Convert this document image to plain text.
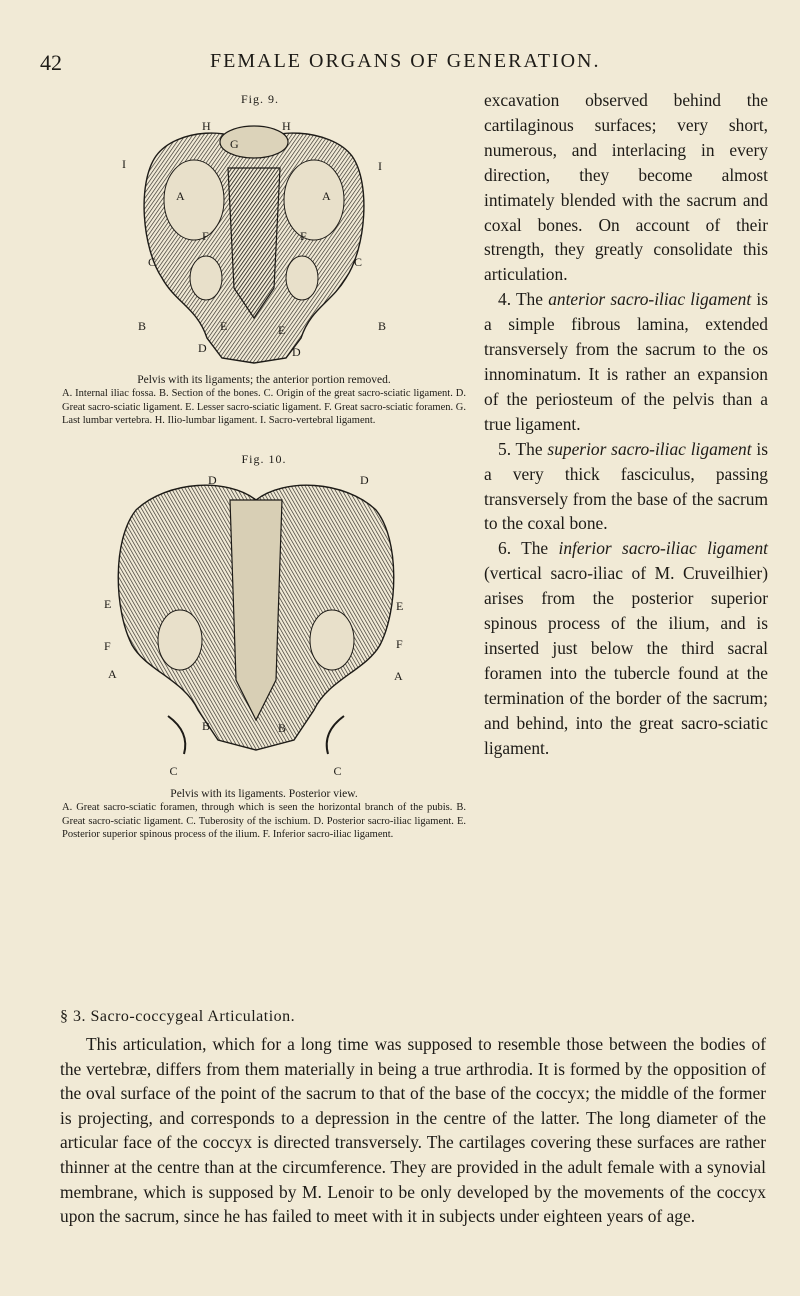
42	FEMALE ORGANS OF GENERATION.
Fig. 9.
H	H
G
I	I
A	A
F	F
C	C
B	B
E	E
D	D
Pelvis with its ligaments; the anterior portion removed.
A. Internal iliac fossa. B. Section of the bones. C. Origin of the great sacro-sciatic ligament. D. Great sacro-sciatic ligament. E. Lesser sacro-sciatic ligament. F. Great sacro-sciatic foramen. G. Last lumbar vertebra. H. Ilio-lumbar ligament. I. Sacro-vertebral ligament.
Fig. 10.
D	D
E	E
F	F
A	A
B	B
C	C
Pelvis with its ligaments. Posterior view.
A. Great sacro-sciatic foramen, through which is seen the horizontal branch of the pubis. B. Great sacro-sciatic ligament. C. Tuberosity of the ischium. D. Posterior sacro-iliac ligament. E. Posterior superior spinous process of the ilium. F. Inferior sacro-iliac ligament.

excavation observed behind the cartilaginous surfaces; very short, numerous, and interlacing in every direction, they become almost intimately blended with the sacrum and coxal bones. On account of their strength, they greatly consolidate this articulation.

4. The anterior sacro-iliac ligament is a simple fibrous lamina, extended transversely from the sacrum to the os innominatum. It is rather an expansion of the periosteum of the pelvis than a true ligament.

5. The superior sacro-iliac ligament is a very thick fasciculus, passing transversely from the base of the sacrum to the coxal bone.

6. The inferior sacro-iliac ligament (vertical sacro-iliac of M. Cruveilhier) arises from the posterior superior spinous process of the ilium, and is inserted just below the third sacral foramen into the tubercle found at the termination of the border of the sacrum; and behind, into the great sacro-sciatic ligament.

§ 3. Sacro-coccygeal Articulation.

This articulation, which for a long time was supposed to resemble those between the bodies of the vertebræ, differs from them materially in being a true arthrodia. It is formed by the opposition of the oval surface of the point of the sacrum to that of the base of the coccyx; the middle of the former is projecting, and corresponds to a depression in the centre of the latter. The long diameter of the articular face of the coccyx is directed transversely. The cartilages covering these surfaces are rather thinner at the centre than at the circumference. They are provided in the adult female with a synovial membrane, which is supposed by M. Lenoir to be only developed by the movements of the coccyx upon the sacrum, since he has failed to meet with it in subjects under eighteen years of age.
